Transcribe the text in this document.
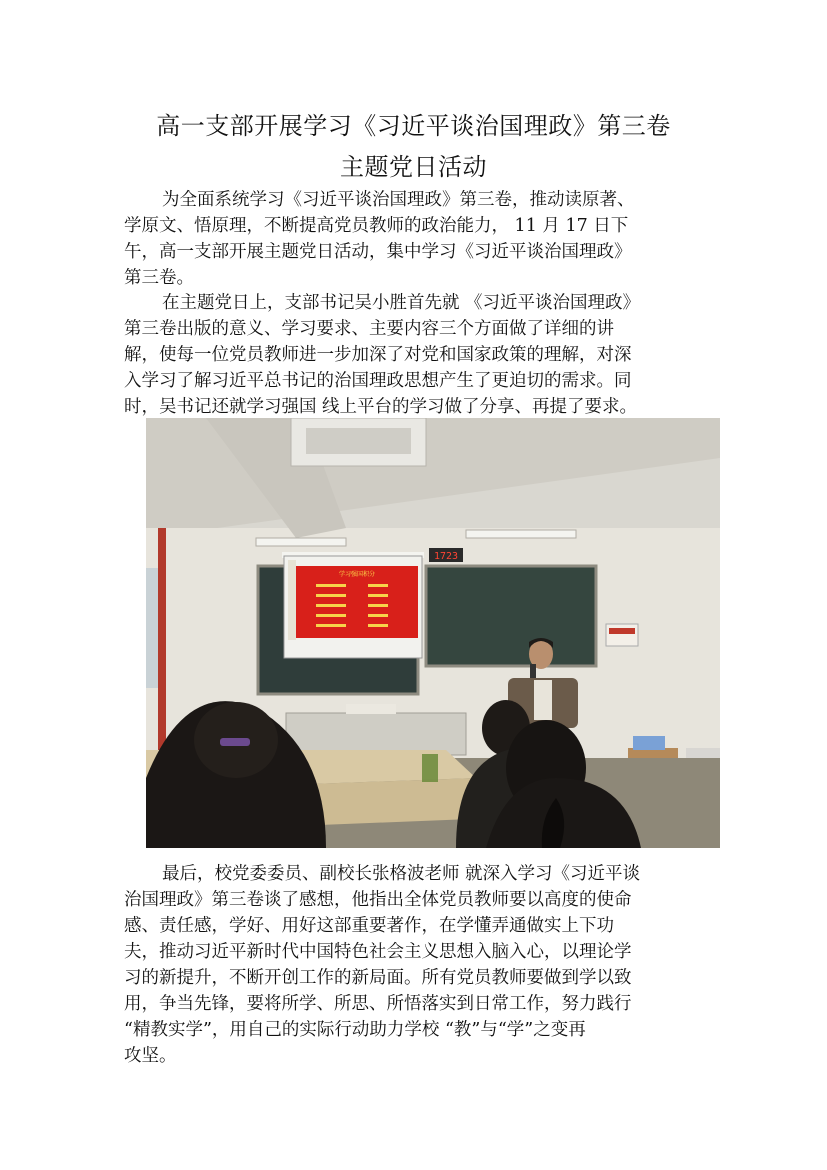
高一支部开展学习《习近平谈治国理政》第三卷
主题党日活动
为全面系统学习《习近平谈治国理政》第三卷，推动读原著、
学原文、悟原理，不断提高党员教师的政治能力， 11 月 17 日下
午，高一支部开展主题党日活动，集中学习《习近平谈治国理政》
第三卷。
在主题党日上，支部书记吴小胜首先就 《习近平谈治国理政》
第三卷出版的意义、学习要求、主要内容三个方面做了详细的讲
解，使每一位党员教师进一步加深了对党和国家政策的理解，对深
入学习了解习近平总书记的治国理政思想产生了更迫切的需求。同
时，吴书记还就学习强国 线上平台的学习做了分享、再提了要求。
1723
学习强国积分
最后，校党委委员、副校长张格波老师 就深入学习《习近平谈
治国理政》第三卷谈了感想，他指出全体党员教师要以高度的使命
感、责任感，学好、用好这部重要著作，在学懂弄通做实上下功
夫，推动习近平新时代中国特色社会主义思想入脑入心，以理论学
习的新提升，不断开创工作的新局面。所有党员教师要做到学以致
用，争当先锋，要将所学、所思、所悟落实到日常工作，努力践行
“精教实学”，用自己的实际行动助力学校 “教”与“学”之变再
攻坚。
